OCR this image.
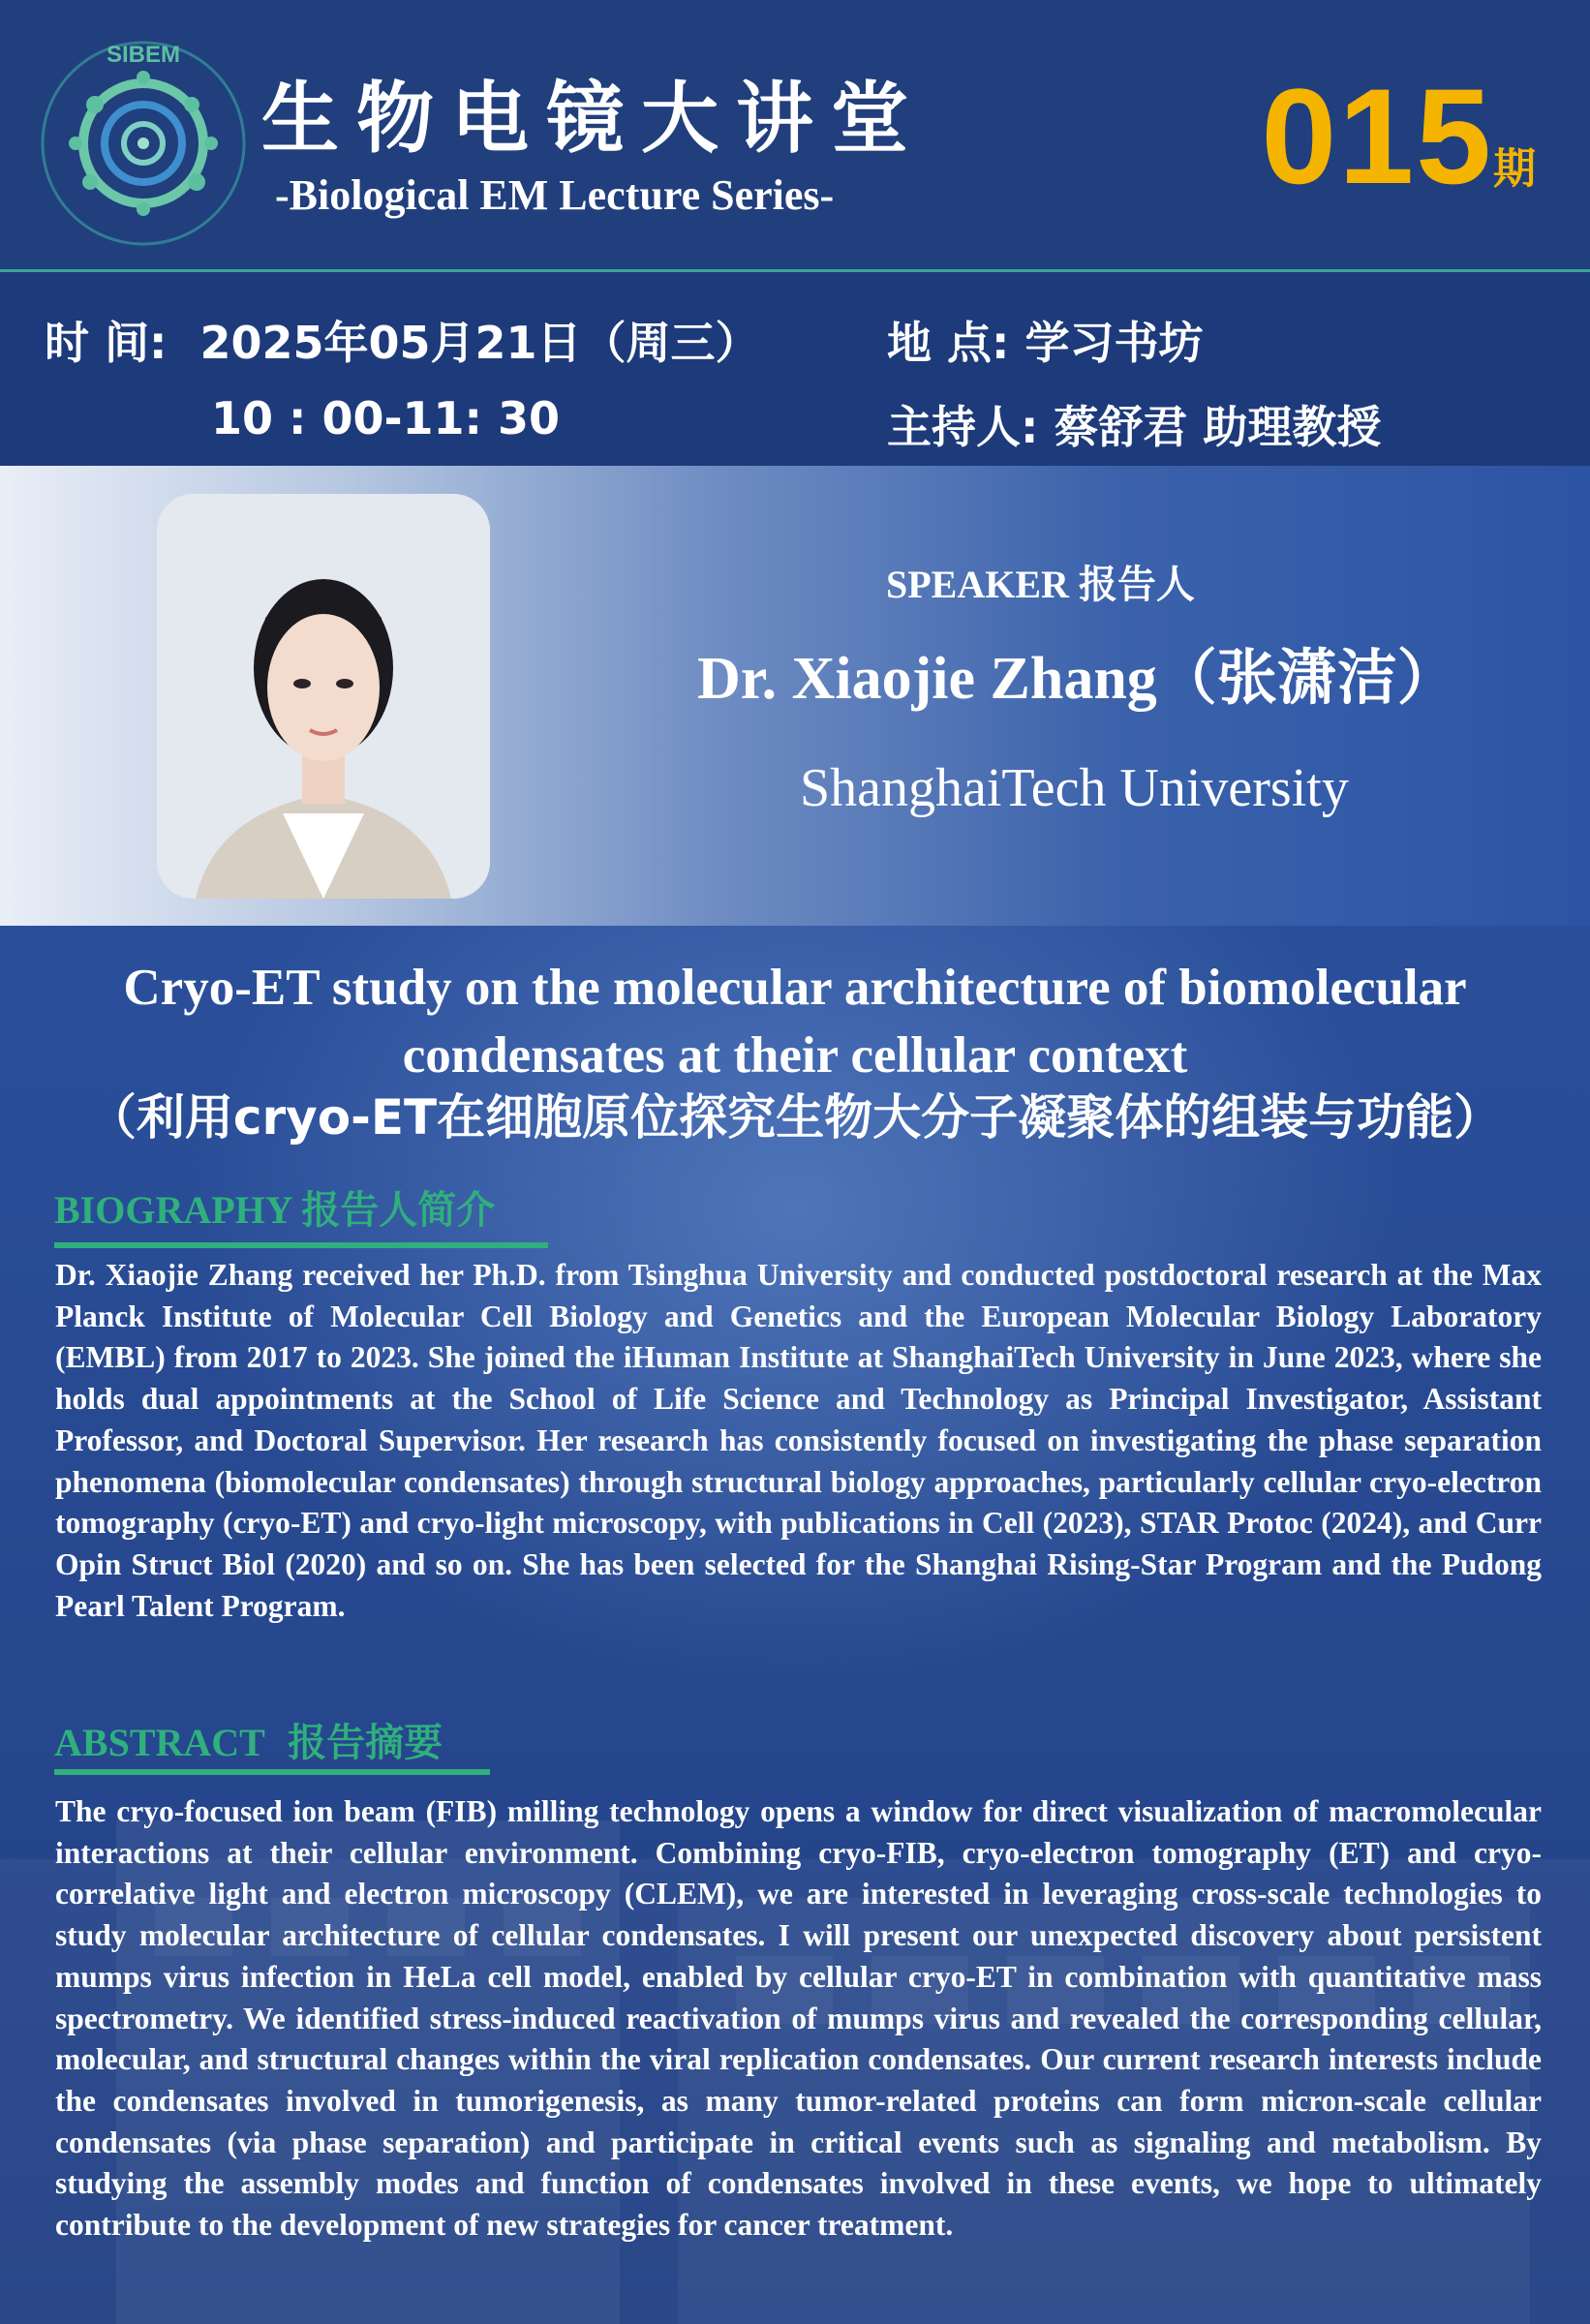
SIBEM
生物电镜大讲堂
-Biological EM Lecture Series-	015期
时 间: 2025年05月21日（周三）
10 : 00-11: 30
地 点: 学习书坊
主持人: 蔡舒君 助理教授
SPEAKER 报告人
Dr. Xiaojie Zhang（张潇洁）
ShanghaiTech University
Cryo-ET study on the molecular architecture of biomolecular
condensates at their cellular context
（利用cryo-ET在细胞原位探究生物大分子凝聚体的组装与功能）
BIOGRAPHY 报告人简介

Dr. Xiaojie Zhang received her Ph.D. from Tsinghua University and conducted postdoctoral research at the Max Planck Institute of Molecular Cell Biology and Genetics and the European Molecular Biology Laboratory (EMBL) from 2017 to 2023. She joined the iHuman Institute at ShanghaiTech University in June 2023, where she holds dual appointments at the School of Life Science and Technology as Principal Investigator, Assistant Professor, and Doctoral Supervisor. Her research has consistently focused on investigating the phase separation phenomena (biomolecular condensates) through structural biology approaches, particularly cellular cryo-electron tomography (cryo-ET) and cryo-light microscopy, with publications in Cell (2023), STAR Protoc (2024), and Curr Opin Struct Biol (2020) and so on. She has been selected for the Shanghai Rising-Star Program and the Pudong Pearl Talent Program.

ABSTRACT 报告摘要

The cryo-focused ion beam (FIB) milling technology opens a window for direct visualization of macromolecular interactions at their cellular environment. Combining cryo-FIB, cryo-electron tomography (ET) and cryo-correlative light and electron microscopy (CLEM), we are interested in leveraging cross-scale technologies to study molecular architecture of cellular condensates. I will present our unexpected discovery about persistent mumps virus infection in HeLa cell model, enabled by cellular cryo-ET in combination with quantitative mass spectrometry. We identified stress-induced reactivation of mumps virus and revealed the corresponding cellular, molecular, and structural changes within the viral replication condensates. Our current research interests include the condensates involved in tumorigenesis, as many tumor-related proteins can form micron-scale cellular condensates (via phase separation) and participate in critical events such as signaling and metabolism. By studying the assembly modes and function of condensates involved in these events, we hope to ultimately contribute to the development of new strategies for cancer treatment.
